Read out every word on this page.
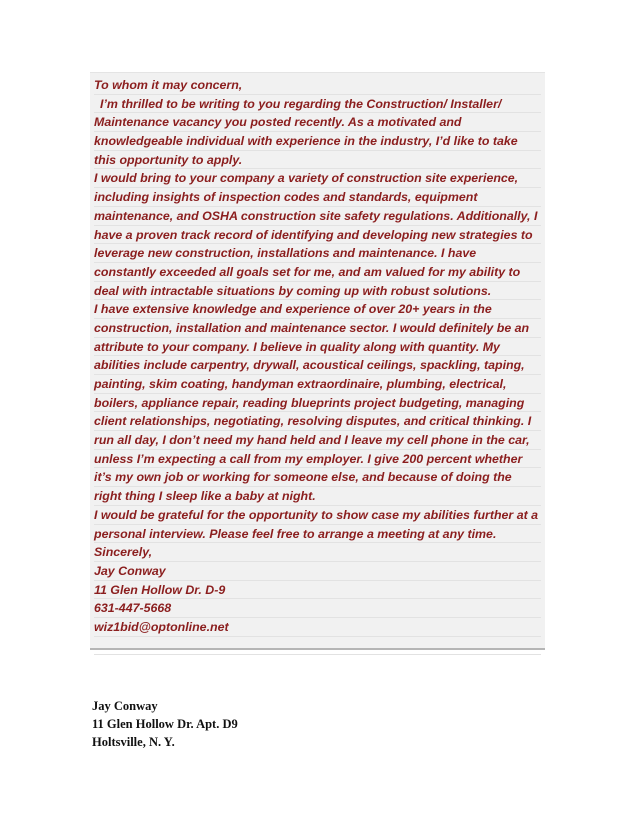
To whom it may concern,
I’m thrilled to be writing to you regarding the Construction/ Installer/
Maintenance vacancy you posted recently. As a motivated and
knowledgeable individual with experience in the industry, I’d like to take
this opportunity to apply.
I would bring to your company a variety of construction site experience,
including insights of inspection codes and standards, equipment
maintenance, and OSHA construction site safety regulations. Additionally, I
have a proven track record of identifying and developing new strategies to
leverage new construction, installations and maintenance. I have
constantly exceeded all goals set for me, and am valued for my ability to
deal with intractable situations by coming up with robust solutions.
I have extensive knowledge and experience of over 20+ years in the
construction, installation and maintenance sector. I would definitely be an
attribute to your company. I believe in quality along with quantity. My
abilities include carpentry, drywall, acoustical ceilings, spackling, taping,
painting, skim coating, handyman extraordinaire, plumbing, electrical,
boilers, appliance repair, reading blueprints project budgeting, managing
client relationships, negotiating, resolving disputes, and critical thinking. I
run all day, I don’t need my hand held and I leave my cell phone in the car,
unless I’m expecting a call from my employer. I give 200 percent whether
it’s my own job or working for someone else, and because of doing the
right thing I sleep like a baby at night.
I would be grateful for the opportunity to show case my abilities further at a
personal interview. Please feel free to arrange a meeting at any time.
Sincerely,
Jay Conway
11 Glen Hollow Dr. D-9
631-447-5668
wiz1bid@optonline.net
Jay Conway
11 Glen Hollow Dr. Apt. D9
Holtsville, N. Y.
